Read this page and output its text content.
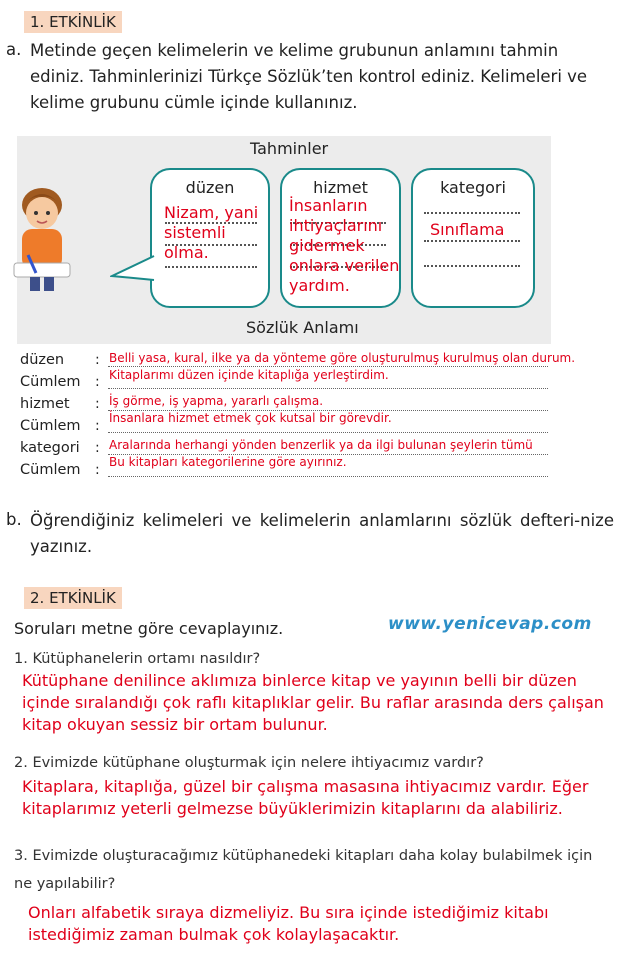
1. ETKİNLİK
a. Metinde geçen kelimelerin ve kelime grubunun anlamını tahmin ediniz. Tahminlerinizi Türkçe Sözlük’ten kontrol ediniz. Kelimeleri ve kelime grubunu cümle içinde kullanınız.
Tahminler
düzen
Nizam, yani sistemli olma.
hizmet
İnsanların ihtiyaçlarını gidermek onlara verilen yardım.
kategori
Sınıflama
Sözlük Anlamı
düzen : Belli yasa, kural, ilke ya da yönteme göre oluşturulmuş kurulmuş olan durum.
Cümlem : Kitaplarımı düzen içinde kitaplığa yerleştirdim.
hizmet : İş görme, iş yapma, yararlı çalışma.
Cümlem : İnsanlara hizmet etmek çok kutsal bir görevdir.
kategori : Aralarında herhangi yönden benzerlik ya da ilgi bulunan şeylerin tümü
Cümlem : Bu kitapları kategorilerine göre ayırınız.
b. Öğrendiğiniz kelimeleri ve kelimelerin anlamlarını sözlük defteri-nize yazınız.
2. ETKİNLİK
Soruları metne göre cevaplayınız.	www.yenicevap.com
1. Kütüphanelerin ortamı nasıldır?
Kütüphane denilince aklımıza binlerce kitap ve yayının belli bir düzen içinde sıralandığı çok raflı kitaplıklar gelir. Bu raflar arasında ders çalışan kitap okuyan sessiz bir ortam bulunur.
2. Evimizde kütüphane oluşturmak için nelere ihtiyacımız vardır?
Kitaplara, kitaplığa, güzel bir çalışma masasına ihtiyacımız vardır. Eğer kitaplarımız yeterli gelmezse büyüklerimizin kitaplarını da alabiliriz.
3. Evimizde oluşturacağımız kütüphanedeki kitapları daha kolay bulabilmek için ne yapılabilir?
Onları alfabetik sıraya dizmeliyiz. Bu sıra içinde istediğimiz kitabı istediğimiz zaman bulmak çok kolaylaşacaktır.
